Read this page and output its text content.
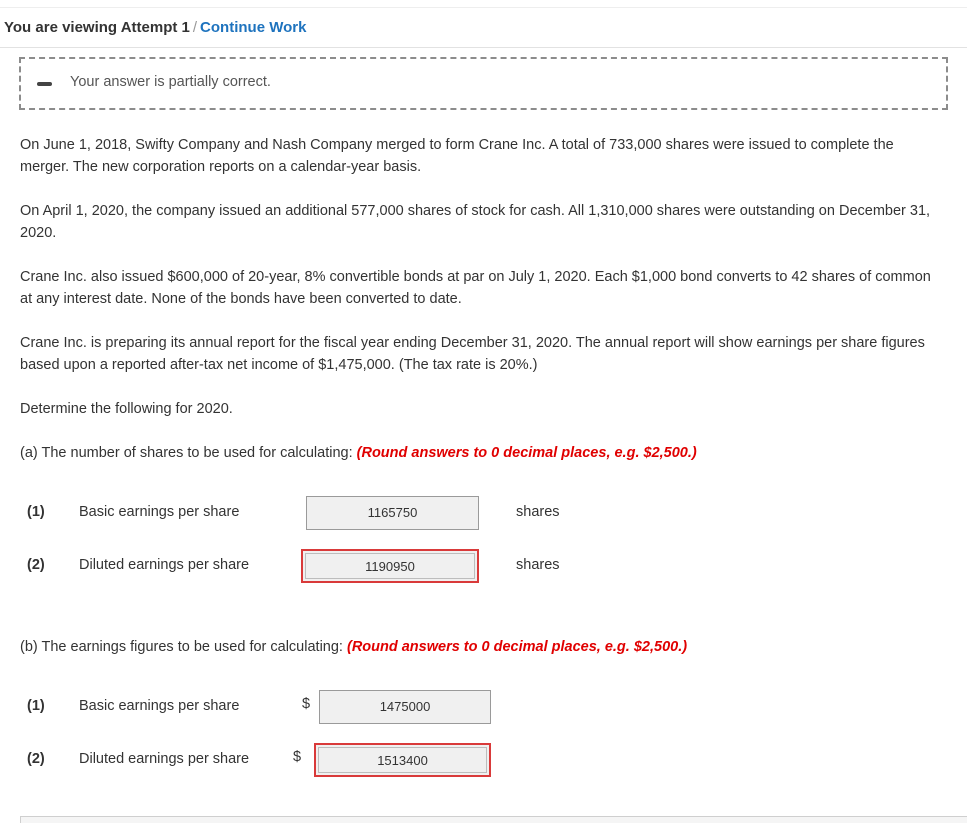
You are viewing Attempt 1 / Continue Work
Your answer is partially correct.

On June 1, 2018, Swifty Company and Nash Company merged to form Crane Inc. A total of 733,000 shares were issued to complete the merger. The new corporation reports on a calendar-year basis.

On April 1, 2020, the company issued an additional 577,000 shares of stock for cash. All 1,310,000 shares were outstanding on December 31, 2020.

Crane Inc. also issued $600,000 of 20-year, 8% convertible bonds at par on July 1, 2020. Each $1,000 bond converts to 42 shares of common at any interest date. None of the bonds have been converted to date.

Crane Inc. is preparing its annual report for the fiscal year ending December 31, 2020. The annual report will show earnings per share figures based upon a reported after-tax net income of $1,475,000. (The tax rate is 20%.)

Determine the following for 2020.

(a) The number of shares to be used for calculating: (Round answers to 0 decimal places, e.g. $2,500.)

(1) Basic earnings per share	1165750	shares
(2) Diluted earnings per share	1190950	shares

(b) The earnings figures to be used for calculating: (Round answers to 0 decimal places, e.g. $2,500.)

(1) Basic earnings per share	$	1475000
(2) Diluted earnings per share	$	1513400
